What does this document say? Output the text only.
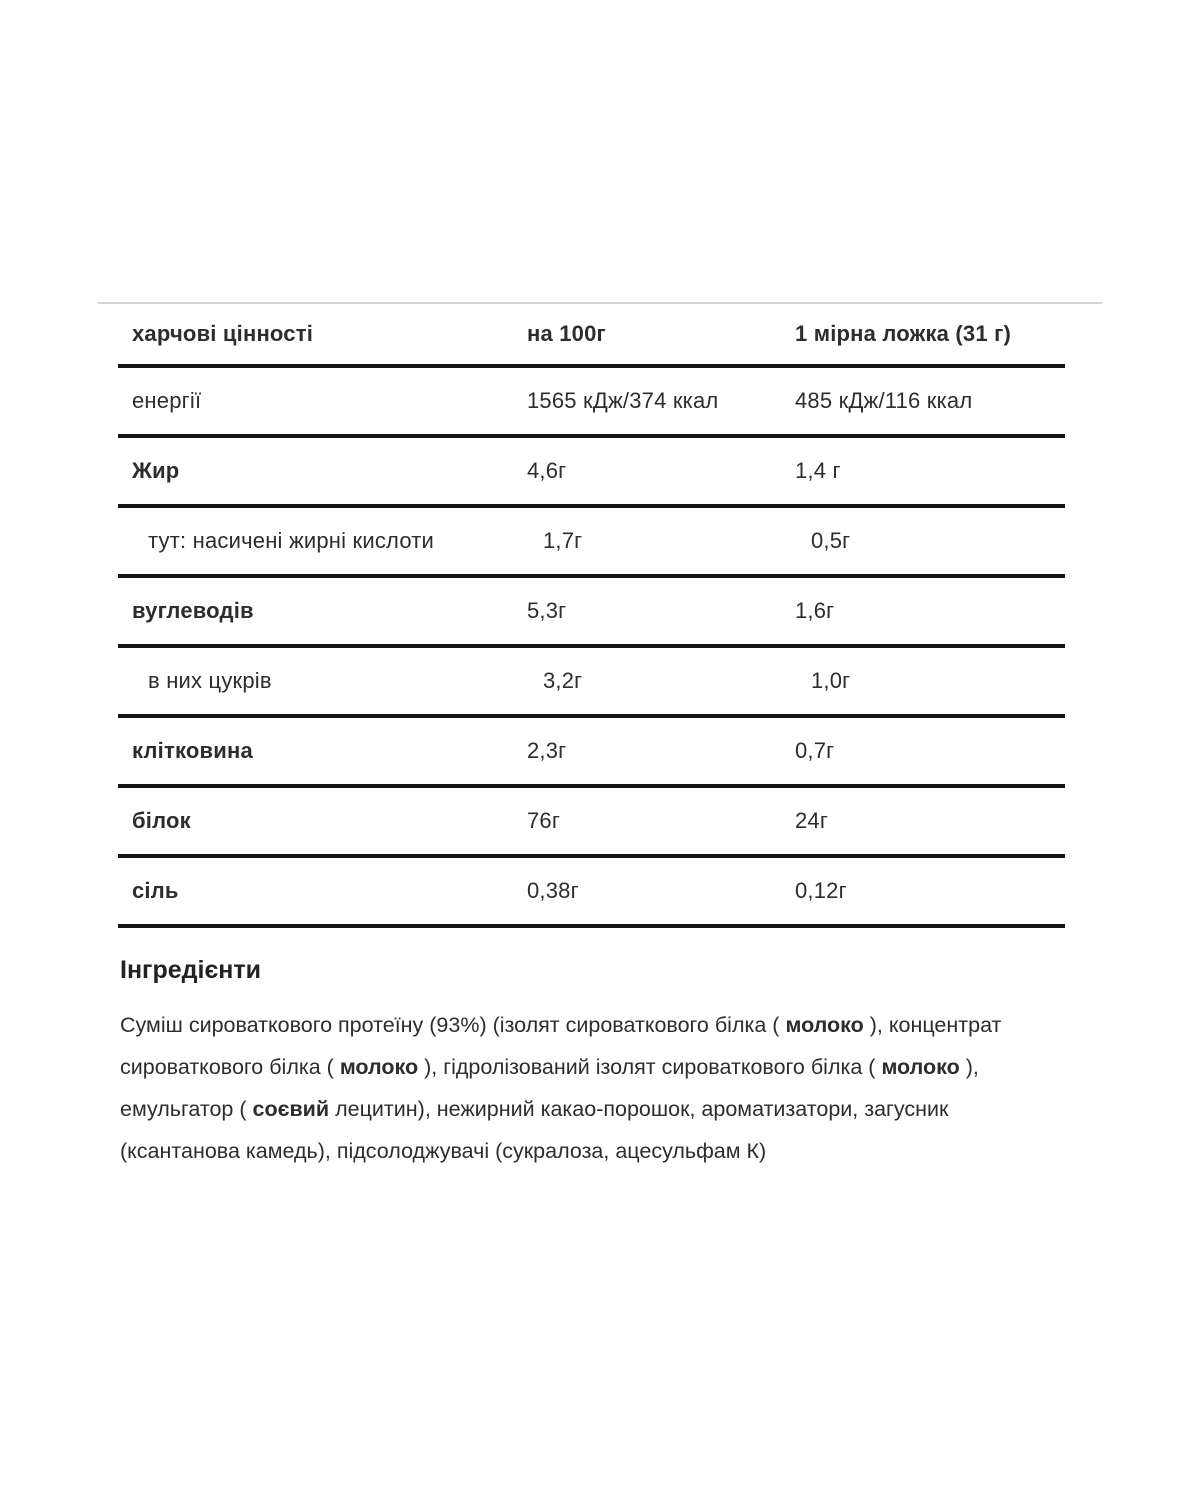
харчові цінності	на 100г	1 мірна ложка (31 г)
енергії	1565 кДж/374 ккал	485 кДж/116 ккал
Жир	4,6г	1,4 г
тут: насичені жирні кислоти	1,7г	0,5г
вуглеводів	5,3г	1,6г
в них цукрів	3,2г	1,0г
клітковина	2,3г	0,7г
білок	76г	24г
сіль	0,38г	0,12г
Інгредієнти

Суміш сироваткового протеїну (93%) (ізолят сироваткового білка ( молоко ), концентрат сироваткового білка ( молоко ), гідролізований ізолят сироваткового білка ( молоко ), емульгатор ( соєвий лецитин), нежирний какао-порошок, ароматизатори, загусник (ксантанова камедь), підсолоджувачі (сукралоза, ацесульфам К)
